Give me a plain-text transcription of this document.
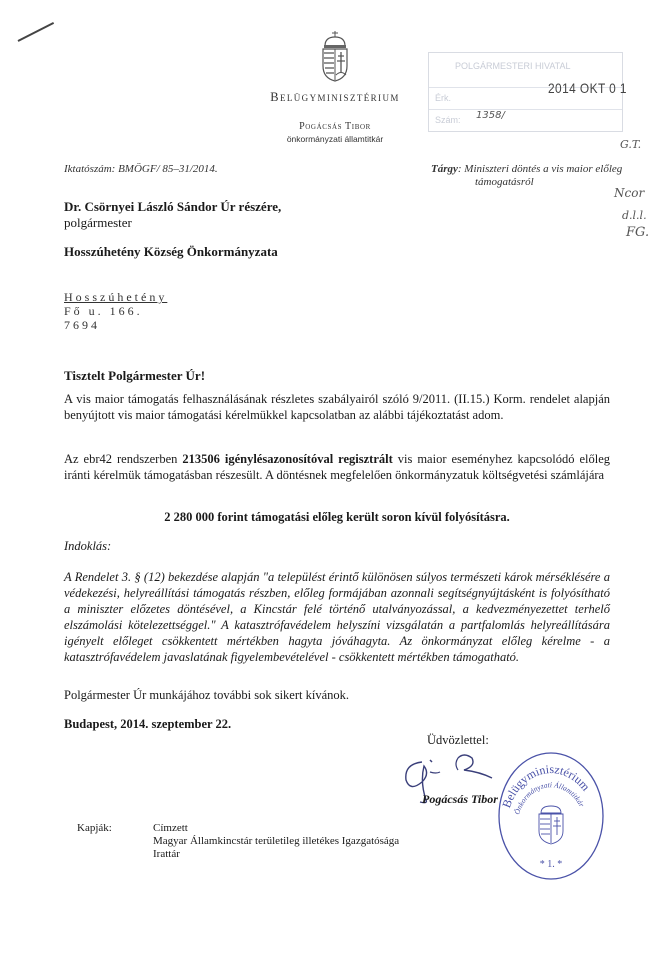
Belügyminisztérium
Pogácsás Tibor
önkormányzati államtitkár
POLGÁRMESTERI HIVATAL
Érk.
Szám:
2014 OKT 0 1
1358/
G.T.
Ncor
d.l.l.
FG.
Iktatószám: BMÖGF/ 85–31/2014.	Tárgy: Miniszteri döntés a vis maior előleg
támogatásról
Dr. Csörnyei László Sándor Úr részére,
polgármester
Hosszúhetény Község Önkormányzata
Hosszúhetény
Fő u. 166.
7694
Tisztelt Polgármester Úr!
A vis maior támogatás felhasználásának részletes szabályairól szóló 9/2011. (II.15.) Korm. rendelet alapján benyújtott vis maior támogatási kérelmükkel kapcsolatban az alábbi tájékoztatást adom.
Az ebr42 rendszerben 213506 igénylésazonosítóval regisztrált vis maior eseményhez kapcsolódó előleg iránti kérelmük támogatásban részesült. A döntésnek megfelelően önkormányzatuk költségvetési számlájára
2 280 000 forint támogatási előleg került soron kívül folyósításra.
Indoklás:
A Rendelet 3. § (12) bekezdése alapján "a települést érintő különösen súlyos természeti károk mérséklésére a védekezési, helyreállítási támogatás részben, előleg formájában azonnali segítségnyújtásként is folyósítható a miniszter előzetes döntésével, a Kincstár felé történő utalványozással, a kedvezményezettet terhelő elszámolási kötelezettséggel." A katasztrófavédelem helyszíni vizsgálatán a partfalomlás helyreállítására igényelt előleget csökkentett mértékben hagyta jóváhagyta. Az önkormányzat előleg kérelme - a katasztrófavédelem javaslatának figyelembevételével - csökkentett mértékben támogatható.
Polgármester Úr munkájához további sok sikert kívánok.
Budapest, 2014. szeptember 22.
Üdvözlettel:
Pogácsás Tibor Belügyminisztérium
Önkormányzati Államtitkár
* 1. *
Kapják:	Címzett
Magyar Államkincstár területileg illetékes Igazgatósága
Irattár
